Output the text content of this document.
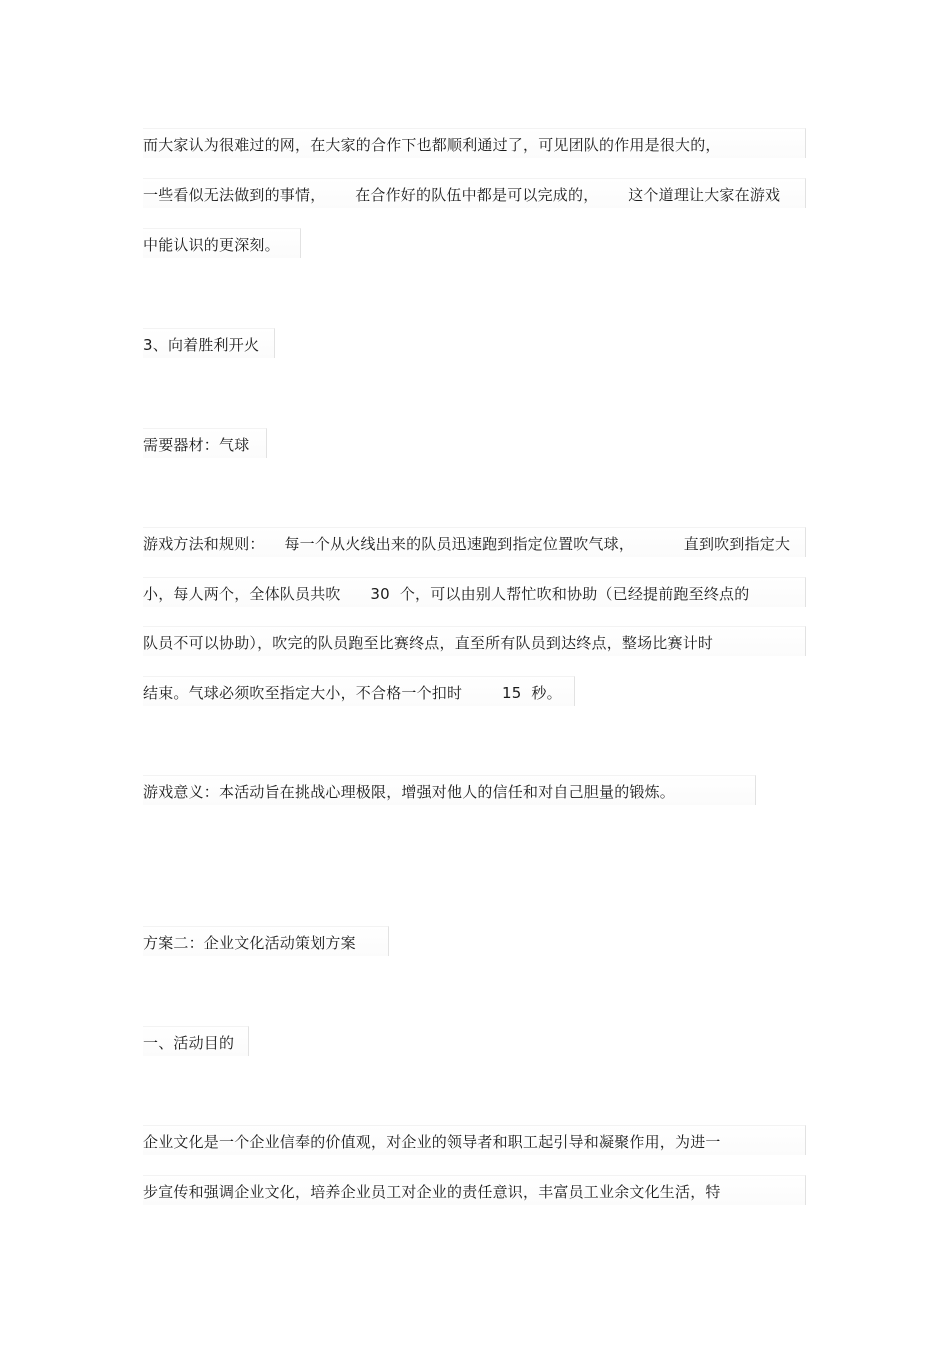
而大家认为很难过的网，在大家的合作下也都顺利通过了，可见团队的作用是很大的，
一些看似无法做到的事情，      在合作好的队伍中都是可以完成的，      这个道理让大家在游戏
中能认识的更深刻。
3、向着胜利开火
需要器材：气球
游戏方法和规则：    每一个从火线出来的队员迅速跑到指定位置吹气球，          直到吹到指定大
小，每人两个，全体队员共吹      30  个，可以由别人帮忙吹和协助（已经提前跑至终点的
队员不可以协助），吹完的队员跑至比赛终点，直至所有队员到达终点，整场比赛计时
结束。气球必须吹至指定大小，不合格一个扣时        15  秒。
游戏意义：本活动旨在挑战心理极限，增强对他人的信任和对自己胆量的锻炼。
方案二：企业文化活动策划方案
一、活动目的
企业文化是一个企业信奉的价值观，对企业的领导者和职工起引导和凝聚作用，为进一
步宣传和强调企业文化，培养企业员工对企业的责任意识，丰富员工业余文化生活，特
